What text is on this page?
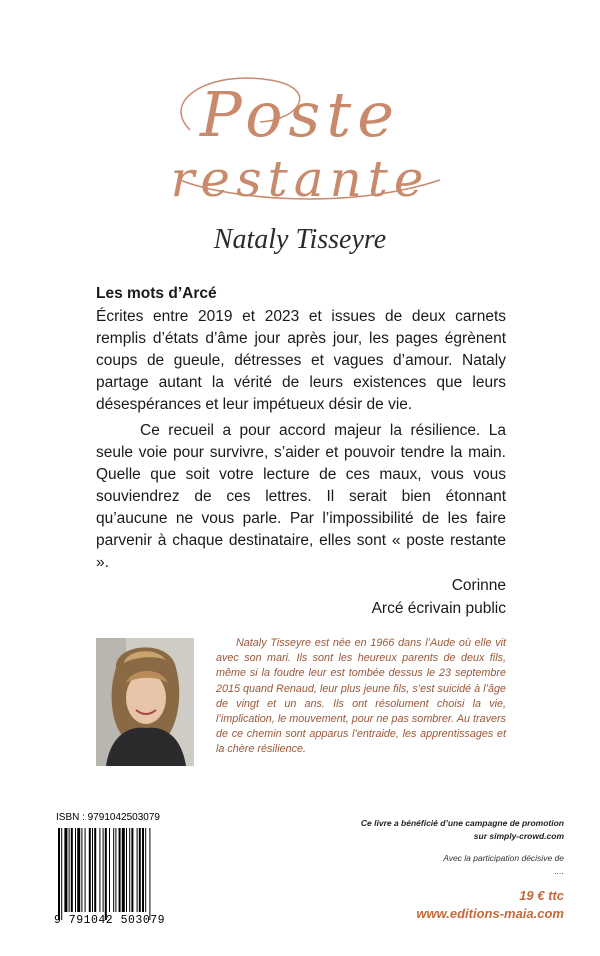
Poste
restante
Nataly Tisseyre
Les mots d’Arcé

Écrites entre 2019 et 2023 et issues de deux carnets remplis d’états d’âme jour après jour, les pages égrènent coups de gueule, détresses et vagues d’amour. Nataly partage autant la vérité de leurs existences que leurs désespérances et leur impétueux désir de vie.

Ce recueil a pour accord majeur la résilience. La seule voie pour survivre, s’aider et pouvoir tendre la main. Quelle que soit votre lecture de ces maux, vous vous souviendrez de ces lettres. Il serait bien étonnant qu’aucune ne vous parle. Par l’impossibilité de les faire parvenir à chaque destinataire, elles sont « poste restante ».

Corinne
Arcé écrivain public

Nataly Tisseyre est née en 1966 dans l’Aude où elle vit avec son mari. Ils sont les heureux parents de deux fils, même si la foudre leur est tombée dessus le 23 septembre 2015 quand Renaud, leur plus jeune fils, s’est suicidé à l’âge de vingt et un ans. Ils ont résolument choisi la vie, l’implication, le mouvement, pour ne pas sombrer. Au travers de ce chemin sont apparus l’entraide, les apprentissages et la chère résilience.

ISBN : 9791042503079
9 791042 503079
Ce livre a bénéficié d’une campagne de promotion
sur simply-crowd.com
Avec la participation décisive de
....
19 € ttc
www.editions-maia.com
